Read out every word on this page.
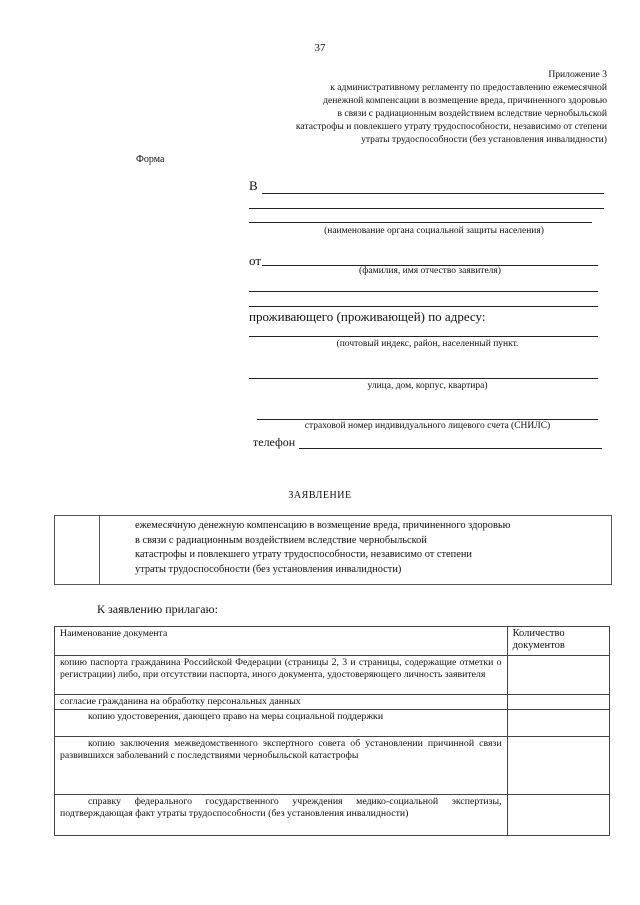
37
Приложение 3
к административному регламенту по предоставлению ежемесячной
денежной компенсации в возмещение вреда, причиненного здоровью
в связи с радиационным воздействием вследствие чернобыльской
катастрофы и повлекшего утрату трудоспособности, независимо от степени
утраты трудоспособности (без установления инвалидности)
Форма
В
(наименование органа социальной защиты населения)
от
(фамилия, имя отчество заявителя)
проживающего (проживающей) по адресу:
(почтовый индекс, район, населенный пункт.
улица, дом, корпус, квартира)
страховой номер индивидуального лицевого счета (СНИЛС)
телефон
ЗАЯВЛЕНИЕ
ежемесячную денежную компенсацию в возмещение вреда, причиненного здоровью
в связи с радиационным воздействием вследствие чернобыльской
катастрофы и повлекшего утрату трудоспособности, независимо от степени
утраты трудоспособности (без установления инвалидности)
К заявлению прилагаю:
Наименование документа	Количество документов
копию паспорта гражданина Российской Федерации (страницы 2, 3 и страницы, содержащие отметки о регистрации) либо, при отсутствии паспорта, иного документа, удостоверяющего личность заявителя	
согласие гражданина на обработку персональных данных	
копию удостоверения, дающего право на меры социальной поддержки	
копию заключения межведомственного экспертного совета об установлении причинной связи развившихся заболеваний с последствиями чернобыльской катастрофы	
справку федерального государственного учреждения медико-социальной экспертизы, подтверждающая факт утраты трудоспособности (без установления инвалидности)	
